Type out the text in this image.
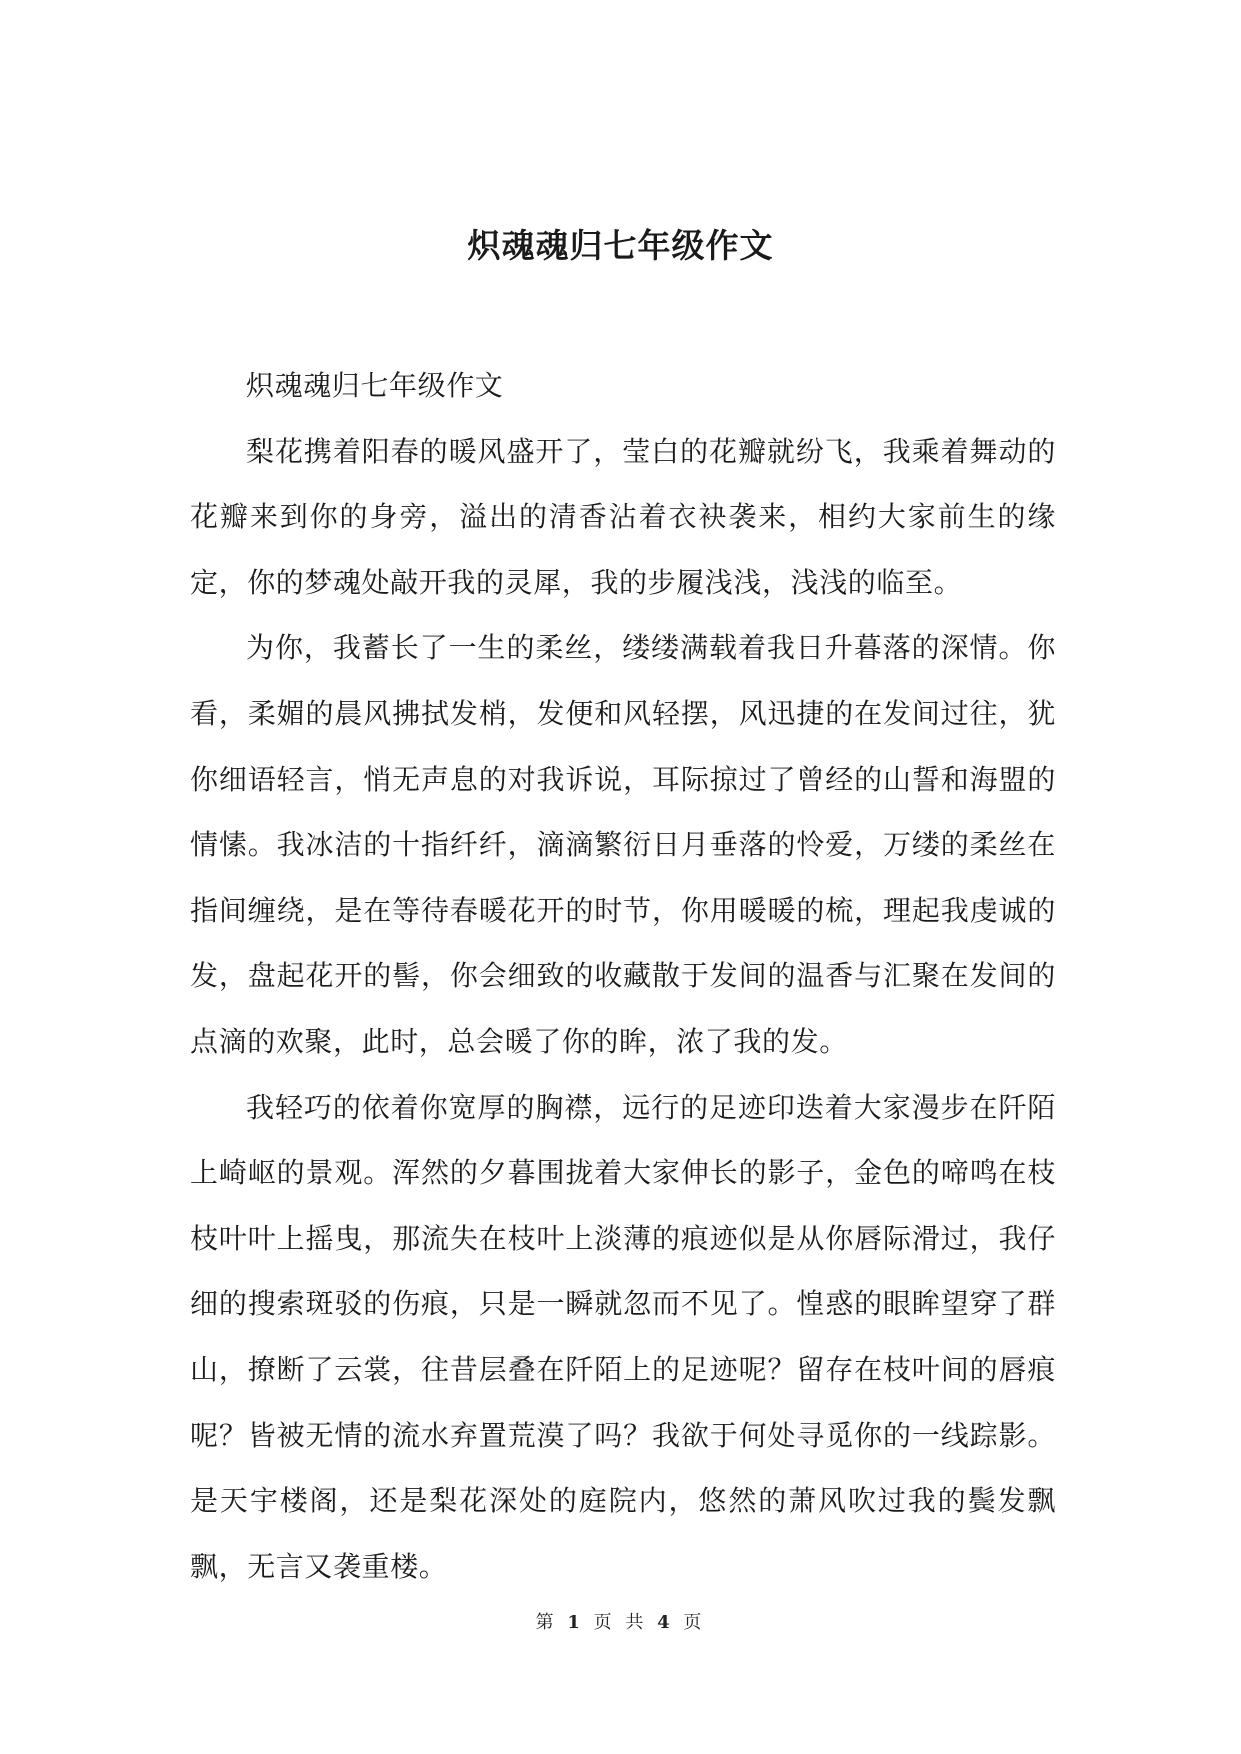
炽魂魂归七年级作文

炽魂魂归七年级作文

梨花携着阳春的暖风盛开了，莹白的花瓣就纷飞，我乘着舞动的花瓣来到你的身旁，溢出的清香沾着衣袂袭来，相约大家前生的缘定，你的梦魂处敲开我的灵犀，我的步履浅浅，浅浅的临至。

为你，我蓄长了一生的柔丝，缕缕满载着我日升暮落的深情。你看，柔媚的晨风拂拭发梢，发便和风轻摆，风迅捷的在发间过往，犹你细语轻言，悄无声息的对我诉说，耳际掠过了曾经的山誓和海盟的情愫。我冰洁的十指纤纤，滴滴繁衍日月垂落的怜爱，万缕的柔丝在指间缠绕，是在等待春暖花开的时节，你用暖暖的梳，理起我虔诚的发，盘起花开的髻，你会细致的收藏散于发间的温香与汇聚在发间的点滴的欢聚，此时，总会暖了你的眸，浓了我的发。

我轻巧的依着你宽厚的胸襟，远行的足迹印迭着大家漫步在阡陌上崎岖的景观。浑然的夕暮围拢着大家伸长的影子，金色的啼鸣在枝枝叶叶上摇曳，那流失在枝叶上淡薄的痕迹似是从你唇际滑过，我仔细的搜索斑驳的伤痕，只是一瞬就忽而不见了。惶惑的眼眸望穿了群山，撩断了云裳，往昔层叠在阡陌上的足迹呢？留存在枝叶间的唇痕呢？皆被无情的流水弃置荒漠了吗？我欲于何处寻觅你的一线踪影。是天宇楼阁，还是梨花深处的庭院内，悠然的萧风吹过我的鬓发飘飘，无言又袭重楼。

第 1 页 共 4 页
